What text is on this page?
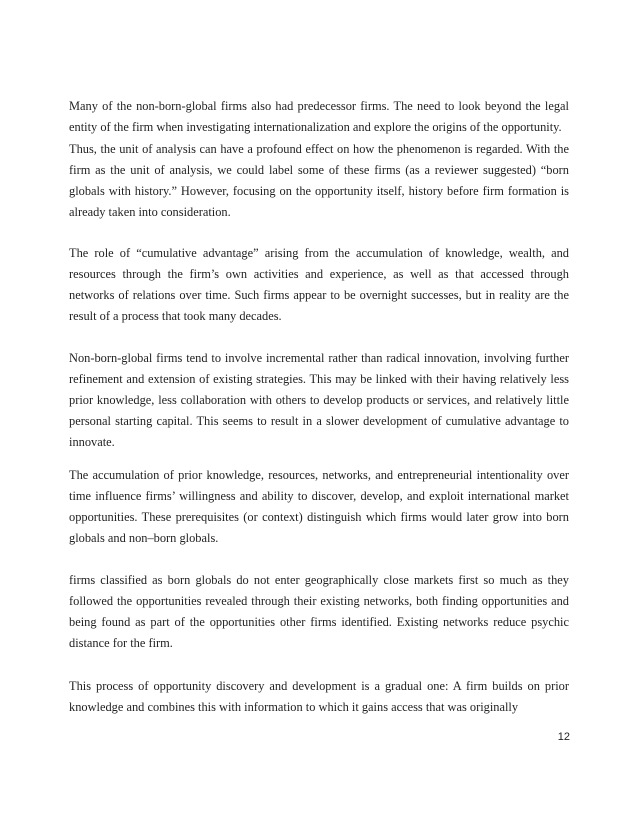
Many of the non-born-global firms also had predecessor firms. The need to look beyond the legal entity of the firm when investigating internationalization and explore the origins of the opportunity.

Thus, the unit of analysis can have a profound effect on how the phenomenon is regarded. With the firm as the unit of analysis, we could label some of these firms (as a reviewer suggested) “born globals with history.” However, focusing on the opportunity itself, history before firm formation is already taken into consideration.

The role of “cumulative advantage” arising from the accumulation of knowledge, wealth, and resources through the firm’s own activities and experience, as well as that accessed through networks of relations over time. Such firms appear to be overnight successes, but in reality are the result of a process that took many decades.

Non-born-global firms tend to involve incremental rather than radical innovation, involving further refinement and extension of existing strategies. This may be linked with their having relatively less prior knowledge, less collaboration with others to develop products or services, and relatively little personal starting capital. This seems to result in a slower development of cumulative advantage to innovate.

The accumulation of prior knowledge, resources, networks, and entrepreneurial intentionality over time influence firms’ willingness and ability to discover, develop, and exploit international market opportunities. These prerequisites (or context) distinguish which firms would later grow into born globals and non–born globals.

firms classified as born globals do not enter geographically close markets first so much as they followed the opportunities revealed through their existing networks, both finding opportunities and being found as part of the opportunities other firms identified. Existing networks reduce psychic distance for the firm.

This process of opportunity discovery and development is a gradual one: A firm builds on prior knowledge and combines this with information to which it gains access that was originally

12
